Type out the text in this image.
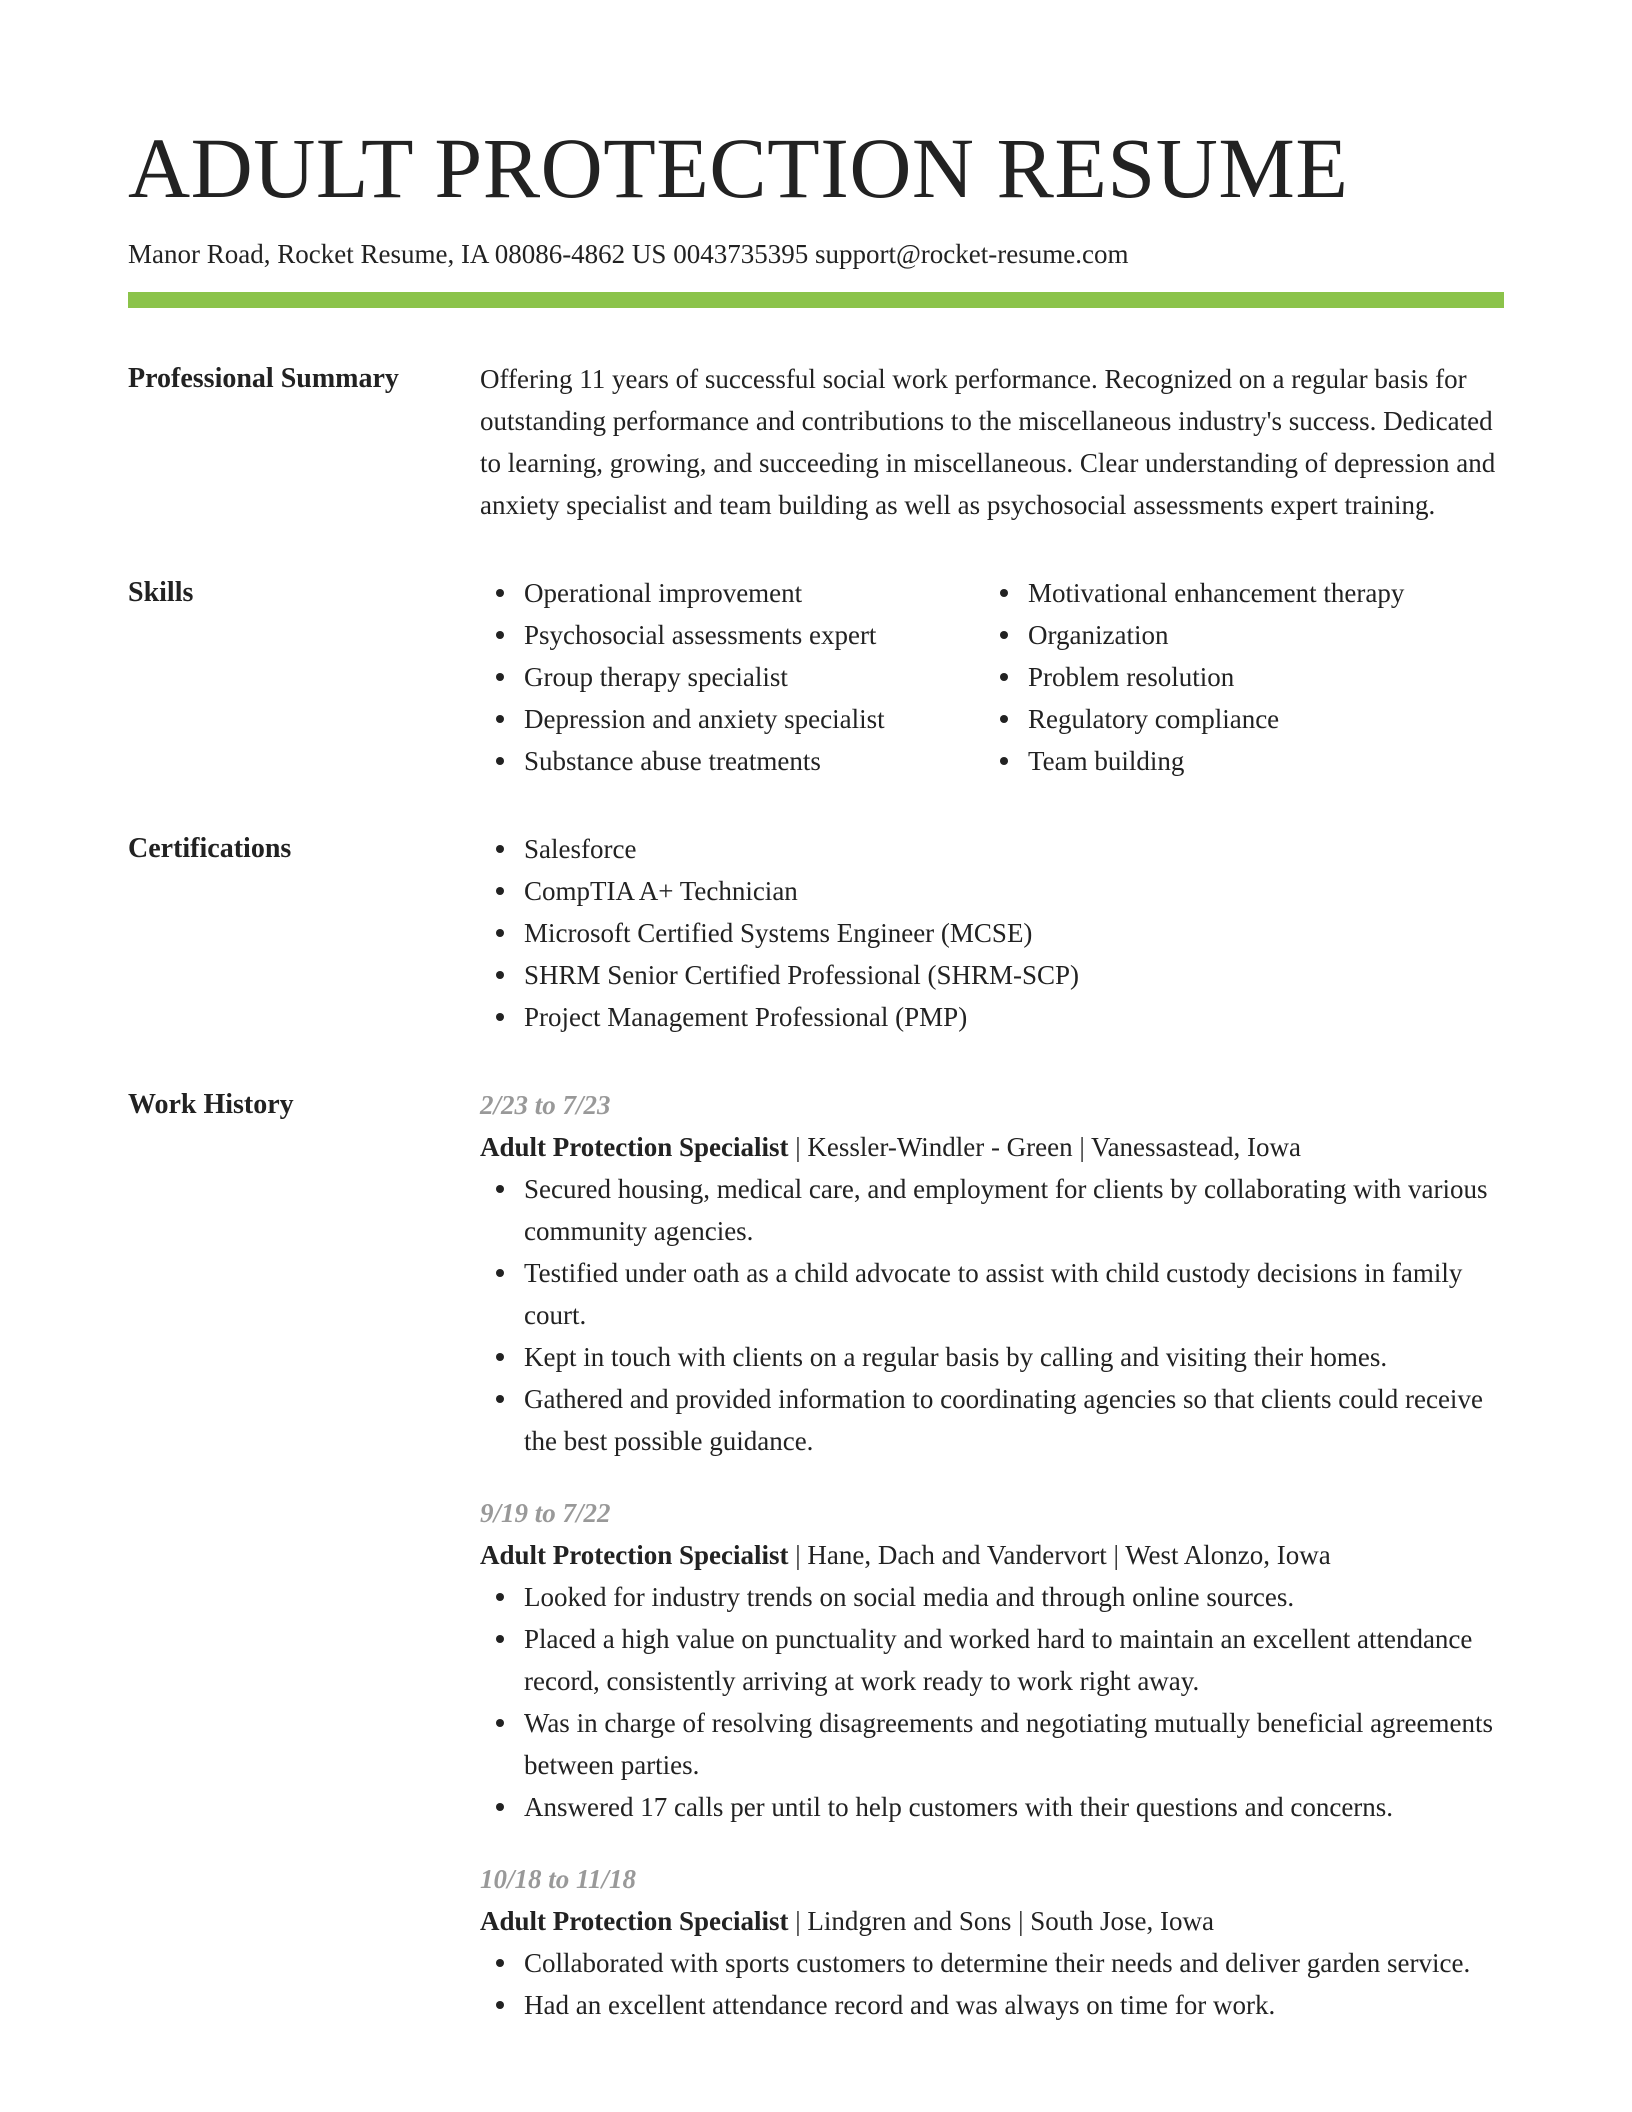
ADULT PROTECTION RESUME
Manor Road, Rocket Resume, IA 08086-4862 US 0043735395 support@rocket-resume.com
Professional Summary	Offering 11 years of successful social work performance. Recognized on a regular basis for outstanding performance and contributions to the miscellaneous industry's success. Dedicated to learning, growing, and succeeding in miscellaneous. Clear understanding of depression and anxiety specialist and team building as well as psychosocial assessments expert training.
Skills	Operational improvement
Psychosocial assessments expert
Group therapy specialist
Depression and anxiety specialist
Substance abuse treatments
Motivational enhancement therapy
Organization
Problem resolution
Regulatory compliance
Team building
Certifications	Salesforce
CompTIA A+ Technician
Microsoft Certified Systems Engineer (MCSE)
SHRM Senior Certified Professional (SHRM-SCP)
Project Management Professional (PMP)
Work History	2/23 to 7/23
Adult Protection Specialist | Kessler-Windler - Green | Vanessastead, Iowa
Secured housing, medical care, and employment for clients by collaborating with various community agencies.
Testified under oath as a child advocate to assist with child custody decisions in family court.
Kept in touch with clients on a regular basis by calling and visiting their homes.
Gathered and provided information to coordinating agencies so that clients could receive the best possible guidance.
9/19 to 7/22
Adult Protection Specialist | Hane, Dach and Vandervort | West Alonzo, Iowa
Looked for industry trends on social media and through online sources.
Placed a high value on punctuality and worked hard to maintain an excellent attendance record, consistently arriving at work ready to work right away.
Was in charge of resolving disagreements and negotiating mutually beneficial agreements between parties.
Answered 17 calls per until to help customers with their questions and concerns.
10/18 to 11/18
Adult Protection Specialist | Lindgren and Sons | South Jose, Iowa
Collaborated with sports customers to determine their needs and deliver garden service.
Had an excellent attendance record and was always on time for work.
